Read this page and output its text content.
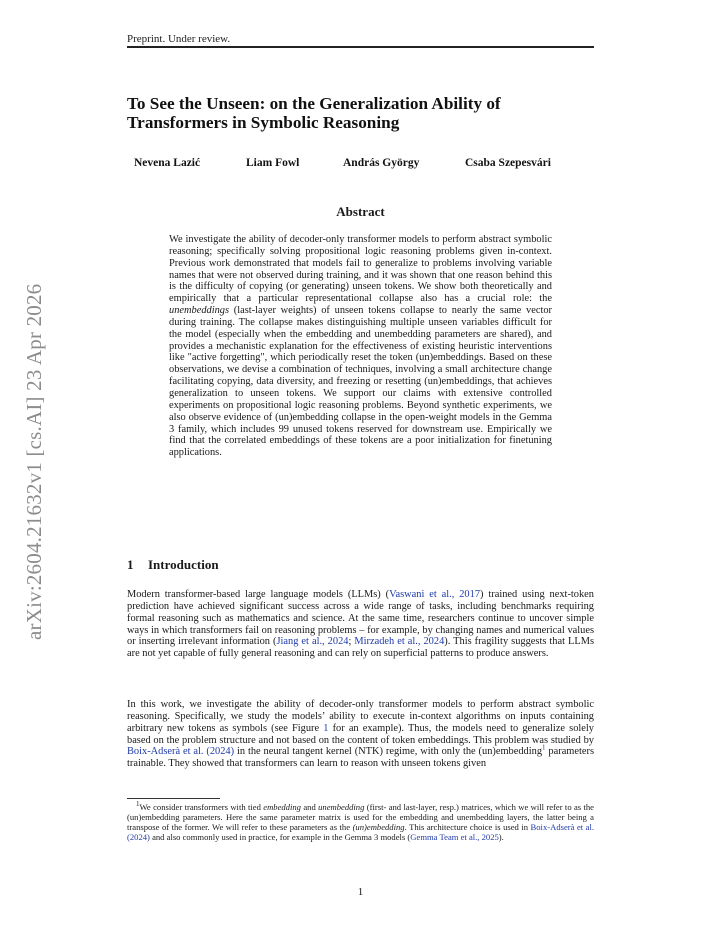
Preprint. Under review.
arXiv:2604.21632v1 [cs.AI] 23 Apr 2026
To See the Unseen: on the Generalization Ability of Transformers in Symbolic Reasoning
Nevena Lazić	Liam Fowl	András György	Csaba Szepesvári
Abstract
We investigate the ability of decoder-only transformer models to perform abstract symbolic reasoning; specifically solving propositional logic reasoning problems given in-context. Previous work demonstrated that models fail to generalize to problems involving variable names that were not observed during training, and it was shown that one reason behind this is the difficulty of copying (or generating) unseen tokens. We show both theoretically and empirically that a particular representational collapse also has a crucial role: the unembeddings (last-layer weights) of unseen tokens collapse to nearly the same vector during training. The collapse makes distinguishing multiple unseen variables difficult for the model (especially when the embedding and unembedding parameters are shared), and provides a mechanistic explanation for the effectiveness of existing heuristic interventions like "active forgetting", which periodically reset the token (un)embeddings. Based on these observations, we devise a combination of techniques, involving a small architecture change facilitating copying, data diversity, and freezing or resetting (un)embeddings, that achieves generalization to unseen tokens. We support our claims with extensive controlled experiments on propositional logic reasoning problems. Beyond synthetic experiments, we also observe evidence of (un)embedding collapse in the open-weight models in the Gemma 3 family, which includes 99 unused tokens reserved for downstream use. Empirically we find that the correlated embeddings of these tokens are a poor initialization for finetuning applications.
1 Introduction
Modern transformer-based large language models (LLMs) (Vaswani et al., 2017) trained using next-token prediction have achieved significant success across a wide range of tasks, including benchmarks requiring formal reasoning such as mathematics and science. At the same time, researchers continue to uncover simple ways in which transformers fail on reasoning problems – for example, by changing names and numerical values or inserting irrelevant information (Jiang et al., 2024; Mirzadeh et al., 2024). This fragility suggests that LLMs are not yet capable of fully general reasoning and can rely on superficial patterns to produce answers.
In this work, we investigate the ability of decoder-only transformer models to perform abstract symbolic reasoning. Specifically, we study the models’ ability to execute in-context algorithms on inputs containing arbitrary new tokens as symbols (see Figure 1 for an example). Thus, the models need to generalize solely based on the problem structure and not based on the content of token embeddings. This problem was studied by Boix-Adserà et al. (2024) in the neural tangent kernel (NTK) regime, with only the (un)embedding$^1$ parameters trainable. They showed that transformers can learn to reason with unseen tokens given
$^1$We consider transformers with tied embedding and unembedding (first- and last-layer, resp.) matrices, which we will refer to as the (un)embedding parameters. Here the same parameter matrix is used for the embedding and unembedding layers, the latter being a transpose of the former. We will refer to these parameters as the (un)embedding. This architecture choice is used in Boix-Adserà et al. (2024) and also commonly used in practice, for example in the Gemma 3 models (Gemma Team et al., 2025).
1
